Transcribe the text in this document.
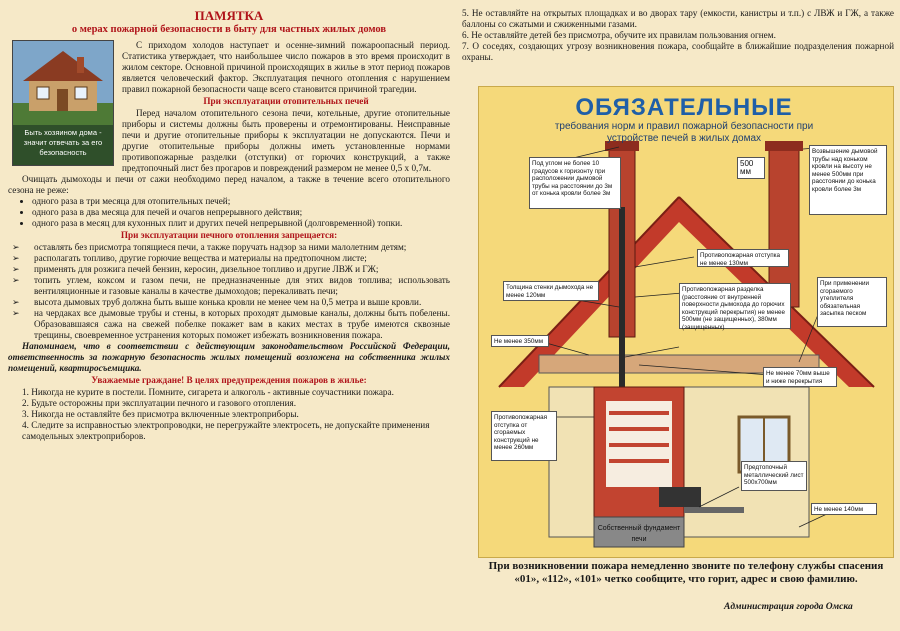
ПАМЯТКА
о мерах пожарной безопасности в быту для частных жилых домов
Быть хозяином дома - значит отвечать за его безопасность

С приходом холодов наступает и осенне-зимний пожароопасный период. Статистика утверждает, что наибольшее число пожаров в это время происходит в жилом секторе. Основной причиной происходящих в жилье в этот период пожаров является человеческий фактор. Эксплуатация печного отопления с нарушением правил пожарной безопасности чаще всего становится причиной трагедии.

При эксплуатации отопительных печей

Перед началом отопительного сезона печи, котельные, другие отопительные приборы и системы должны быть проверены и отремонтированы. Неисправные печи и другие отопительные приборы к эксплуатации не допускаются. Печи и другие отопительные приборы должны иметь установленные нормами противопожарные разделки (отступки) от горючих конструкций, а также предтопочный лист без прогаров и повреждений размером не менее 0,5 х 0,7м.

Очищать дымоходы и печи от сажи необходимо перед началом, а также в течение всего отопительного сезона не реже:

• одного раза в три месяца для отопительных печей;
• одного раза в два месяца для печей и очагов непрерывного действия;
• одного раза в месяц для кухонных плит и других печей непрерывной (долговременной) топки.
При эксплуатации печного отопления запрещается:
➢ оставлять без присмотра топящиеся печи, а также поручать надзор за ними малолетним детям;
➢ располагать топливо, другие горючие вещества и материалы на предтопочном листе;
➢ применять для розжига печей бензин, керосин, дизельное топливо и другие ЛВЖ и ГЖ;
➢ топить углем, коксом и газом печи, не предназначенные для этих видов топлива; использовать вентиляционные и газовые каналы в качестве дымоходов; перекаливать печи;
➢ высота дымовых труб должна быть выше конька кровли не менее чем на 0,5 метра и выше кровли.
➢ на чердаках все дымовые трубы и стены, в которых проходят дымовые каналы, должны быть побелены. Образовавшаяся сажа на свежей побелке покажет вам в каких местах в трубе имеются сквозные трещины, своевременное устранения которых поможет избежать возникновения пожара.
Напоминаем, что в соответствии с действующим законодательством Российской Федерации, ответственность за пожарную безопасность жилых помещений возложена на собственника жилых помещений, квартиросъемщика.
Уважаемые граждане! В целях предупреждения пожаров в жилье:
1. Никогда не курите в постели. Помните, сигарета и алкоголь - активные соучастники пожара.
2. Будьте осторожны при эксплуатации печного и газового отопления.
3. Никогда не оставляйте без присмотра включенные электроприборы.
4. Следите за исправностью электропроводки, не перегружайте электросеть, не допускайте применения самодельных электроприборов.

5. Не оставляйте на открытых площадках и во дворах тару (емкости, канистры и т.п.) с ЛВЖ и ГЖ, а также баллоны со сжатыми и сжиженными газами.

6. Не оставляйте детей без присмотра, обучите их правилам пользования огнем.

7. О соседях, создающих угрозу возникновения пожара, сообщайте в ближайшие подразделения пожарной охраны.

ОБЯЗАТЕЛЬНЫЕ
требования норм и правил пожарной безопасности при устройстве печей в жилых домах
Под углом не более 10 градусов к горизонту при расположении дымовой трубы на расстоянии до 3м от конька кровли более 3м
Возвышение дымовой трубы над коньком кровли на высоту не менее 500мм при расстоянии до конька кровли более 3м
500 мм
Противопожарная отступка не менее 130мм
Толщина стенки дымохода не менее 120мм
Противопожарная разделка (расстояние от внутренней поверхности дымохода до горючих конструкций перекрытия) не менее 500мм (не защищенных), 380мм (защищенных)
При применении сгораемого утеплителя обязательная засыпка песком
Не менее 350мм
Не менее 70мм выше и ниже перекрытия
Противопожарная отступка от сгораемых конструкций не менее 260мм
Предтопочный металлический лист 500х700мм
Не менее 140мм
Собственный фундамент печи
При возникновении пожара немедленно звоните по телефону службы спасения «01», «112», «101» четко сообщите, что горит, адрес и свою фамилию.
Администрация города Омска
